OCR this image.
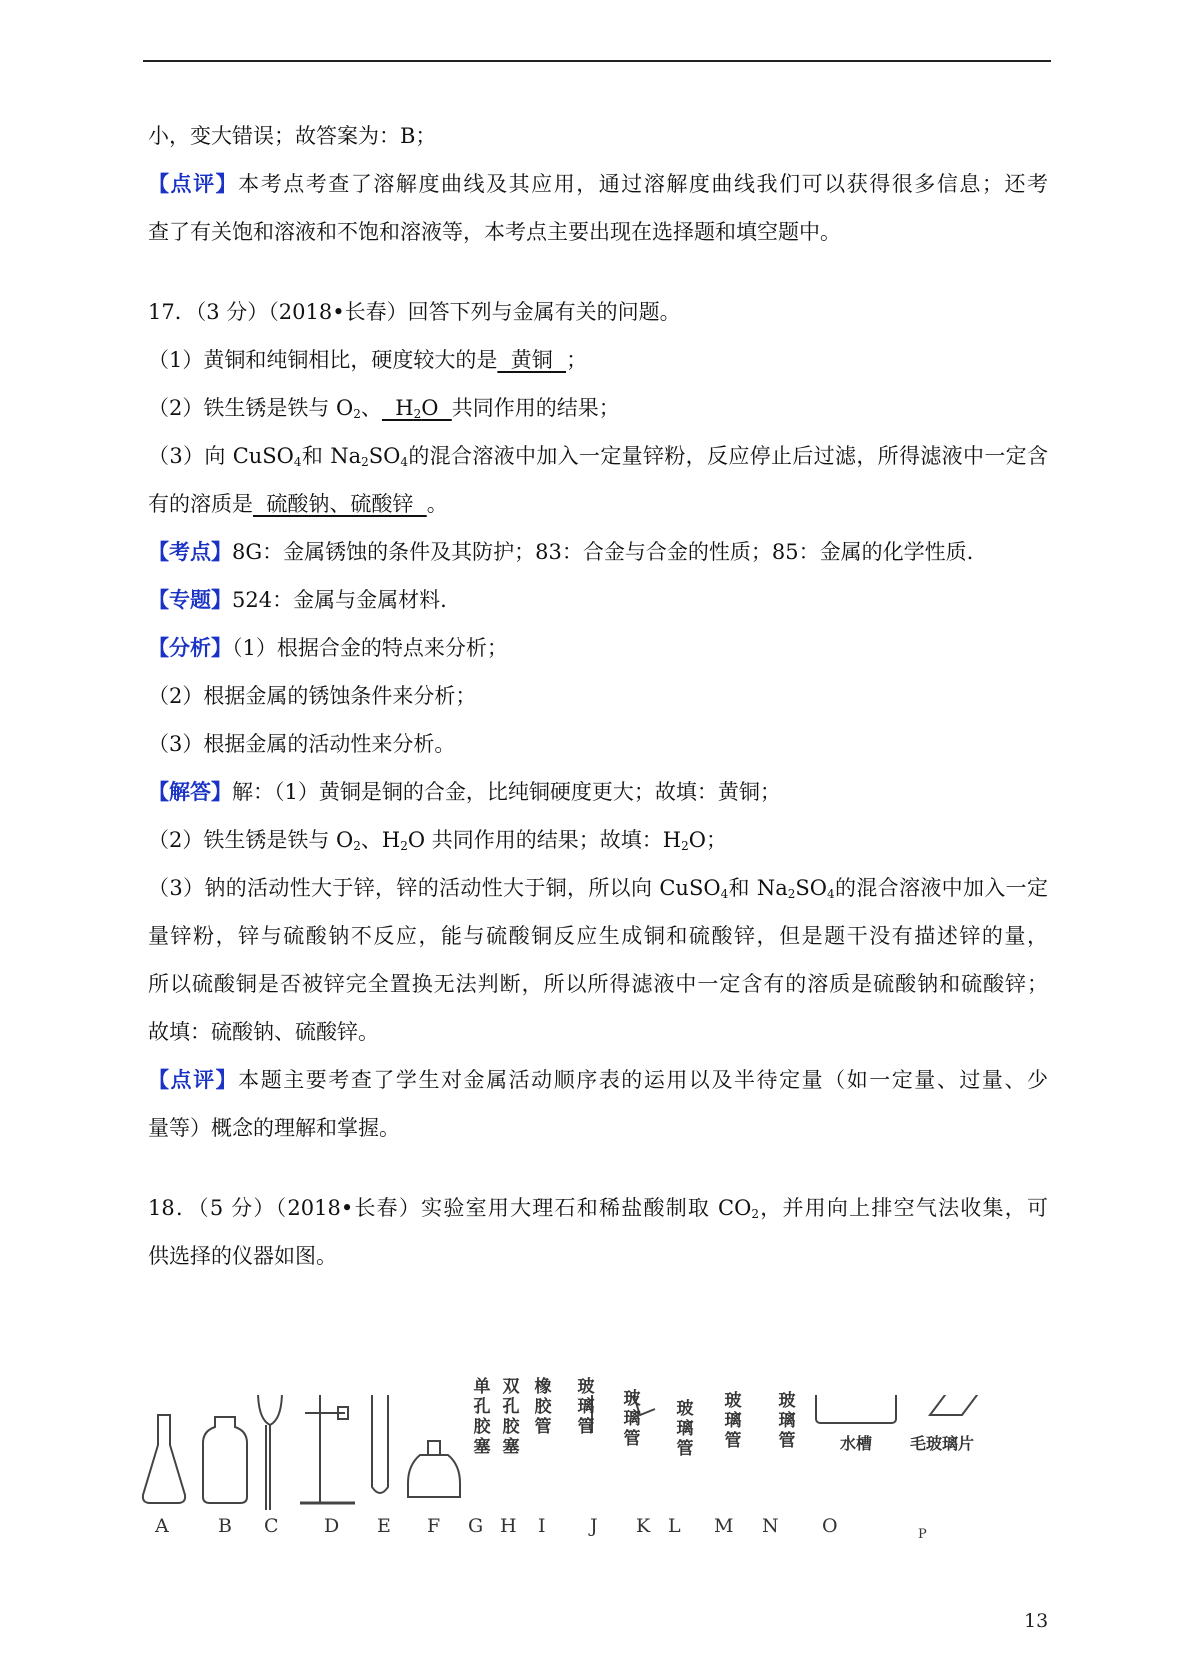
小，变大错误；故答案为：B；
【点评】本考点考查了溶解度曲线及其应用，通过溶解度曲线我们可以获得很多信息；还考
查了有关饱和溶液和不饱和溶液等，本考点主要出现在选择题和填空题中。
17．（3 分）（2018•长春）回答下列与金属有关的问题。
（1）黄铜和纯铜相比，硬度较大的是  黄铜  ；
（2）铁生锈是铁与 $O_2$、  $H_2O$  共同作用的结果；
（3）向 CuSO$_4$和 $Na_2SO_4$的混合溶液中加入一定量锌粉，反应停止后过滤，所得滤液中一定含
有的溶质是  硫酸钠、硫酸锌  。
【考点】8G：金属锈蚀的条件及其防护；83：合金与合金的性质；85：金属的化学性质.
【专题】524：金属与金属材料.
【分析】（1）根据合金的特点来分析；
（2）根据金属的锈蚀条件来分析；
（3）根据金属的活动性来分析。
【解答】解：（1）黄铜是铜的合金，比纯铜硬度更大；故填：黄铜；
（2）铁生锈是铁与 $O_2$、$H_2O$ 共同作用的结果；故填：$H_2O$；
（3）钠的活动性大于锌，锌的活动性大于铜，所以向 CuSO$_4$和 $Na_2SO_4$的混合溶液中加入一定
量锌粉，锌与硫酸钠不反应，能与硫酸铜反应生成铜和硫酸锌，但是题干没有描述锌的量，
所以硫酸铜是否被锌完全置换无法判断，所以所得滤液中一定含有的溶质是硫酸钠和硫酸锌；
故填：硫酸钠、硫酸锌。
【点评】本题主要考查了学生对金属活动顺序表的运用以及半待定量（如一定量、过量、少
量等）概念的理解和掌握。
18．（5 分）（2018•长春）实验室用大理石和稀盐酸制取 $CO_2$，并用向上排空气法收集，可
供选择的仪器如图。
单孔胶塞
双孔胶塞
橡胶管
玻璃管
玻璃管
玻璃管
玻璃管
玻璃管	水槽 毛玻璃片
A	B C D E F G H I J K L M N O	P
13
